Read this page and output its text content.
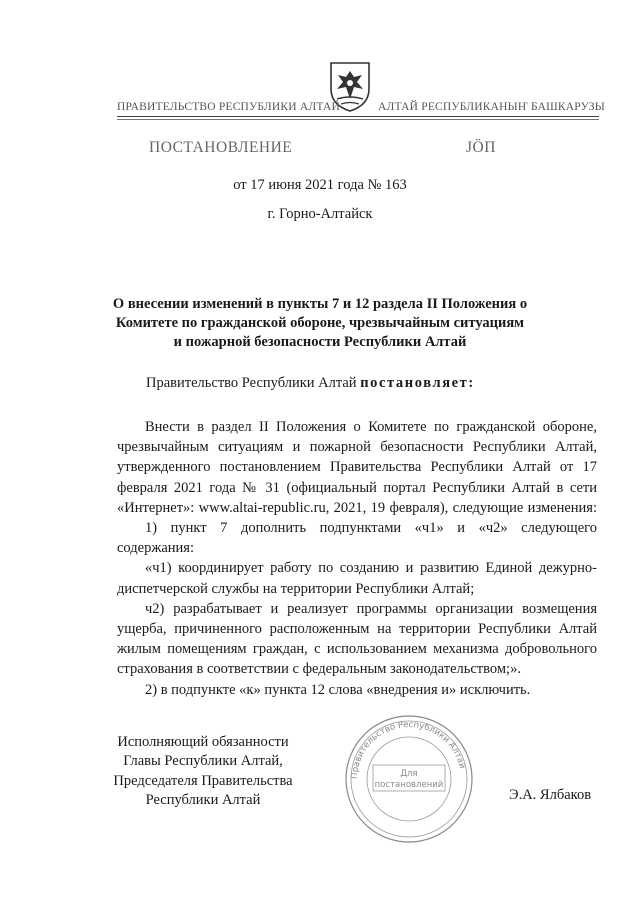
ПРАВИТЕЛЬСТВО РЕСПУБЛИКИ АЛТАЙ	АЛТАЙ РЕСПУБЛИКАНЫҤ БАШКАРУЗЫ
ПОСТАНОВЛЕНИЕ	ЈӦП
от 17 июня 2021 года № 163
г. Горно-Алтайск
О внесении изменений в пункты 7 и 12 раздела II Положения о Комитете по гражданской обороне, чрезвычайным ситуациям и пожарной безопасности Республики Алтай
Правительство Республики Алтай постановляет:

Внести в раздел II Положения о Комитете по гражданской обороне, чрезвычайным ситуациям и пожарной безопасности Республики Алтай, утвержденного постановлением Правительства Республики Алтай от 17 февраля 2021 года № 31 (официальный портал Республики Алтай в сети «Интернет»: www.altai-republic.ru, 2021, 19 февраля), следующие изменения:

1) пункт 7 дополнить подпунктами «ч1» и «ч2» следующего содержания:

«ч1) координирует работу по созданию и развитию Единой дежурно-диспетчерской службы на территории Республики Алтай;

ч2) разрабатывает и реализует программы организации возмещения ущерба, причиненного расположенным на территории Республики Алтай жилым помещениям граждан, с использованием механизма добровольного страхования в соответствии с федеральным законодательством;».

2) в подпункте «к» пункта 12 слова «внедрения и» исключить.

Исполняющий обязанности
Главы Республики Алтай,
Председателя Правительства
Республики Алтай
Правительство Республики Алтай
Для
постановлений
Э.А. Ялбаков
